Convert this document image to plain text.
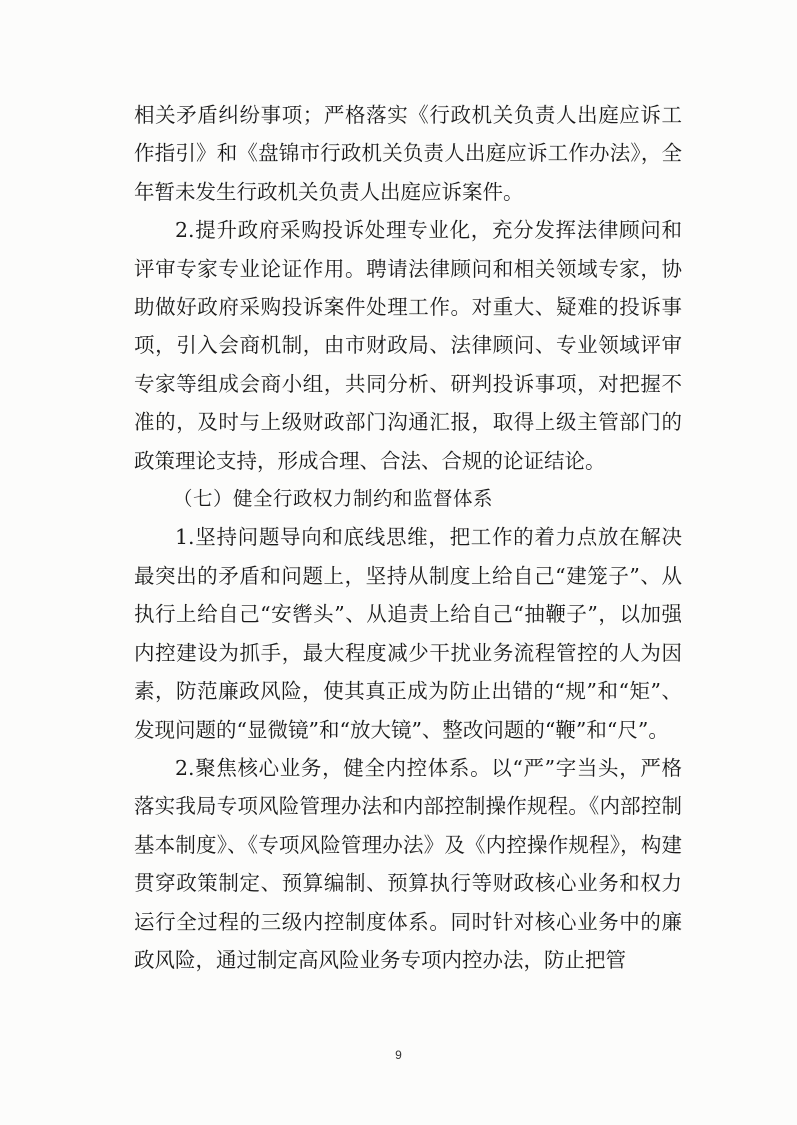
相关矛盾纠纷事项；严格落实《行政机关负责人出庭应诉工作指引》和《盘锦市行政机关负责人出庭应诉工作办法》，全年暂未发生行政机关负责人出庭应诉案件。

2.提升政府采购投诉处理专业化，充分发挥法律顾问和评审专家专业论证作用。聘请法律顾问和相关领域专家，协助做好政府采购投诉案件处理工作。对重大、疑难的投诉事项，引入会商机制，由市财政局、法律顾问、专业领域评审专家等组成会商小组，共同分析、研判投诉事项，对把握不准的，及时与上级财政部门沟通汇报，取得上级主管部门的政策理论支持，形成合理、合法、合规的论证结论。

（七）健全行政权力制约和监督体系

1.坚持问题导向和底线思维，把工作的着力点放在解决最突出的矛盾和问题上，坚持从制度上给自己“建笼子”、从执行上给自己“安辔头”、从追责上给自己“抽鞭子”，以加强内控建设为抓手，最大程度减少干扰业务流程管控的人为因素，防范廉政风险，使其真正成为防止出错的“规”和“矩”、发现问题的“显微镜”和“放大镜”、整改问题的“鞭”和“尺”。

2.聚焦核心业务，健全内控体系。以“严”字当头，严格落实我局专项风险管理办法和内部控制操作规程。《内部控制基本制度》、《专项风险管理办法》及《内控操作规程》，构建贯穿政策制定、预算编制、预算执行等财政核心业务和权力运行全过程的三级内控制度体系。同时针对核心业务中的廉政风险，通过制定高风险业务专项内控办法，防止把管

9
